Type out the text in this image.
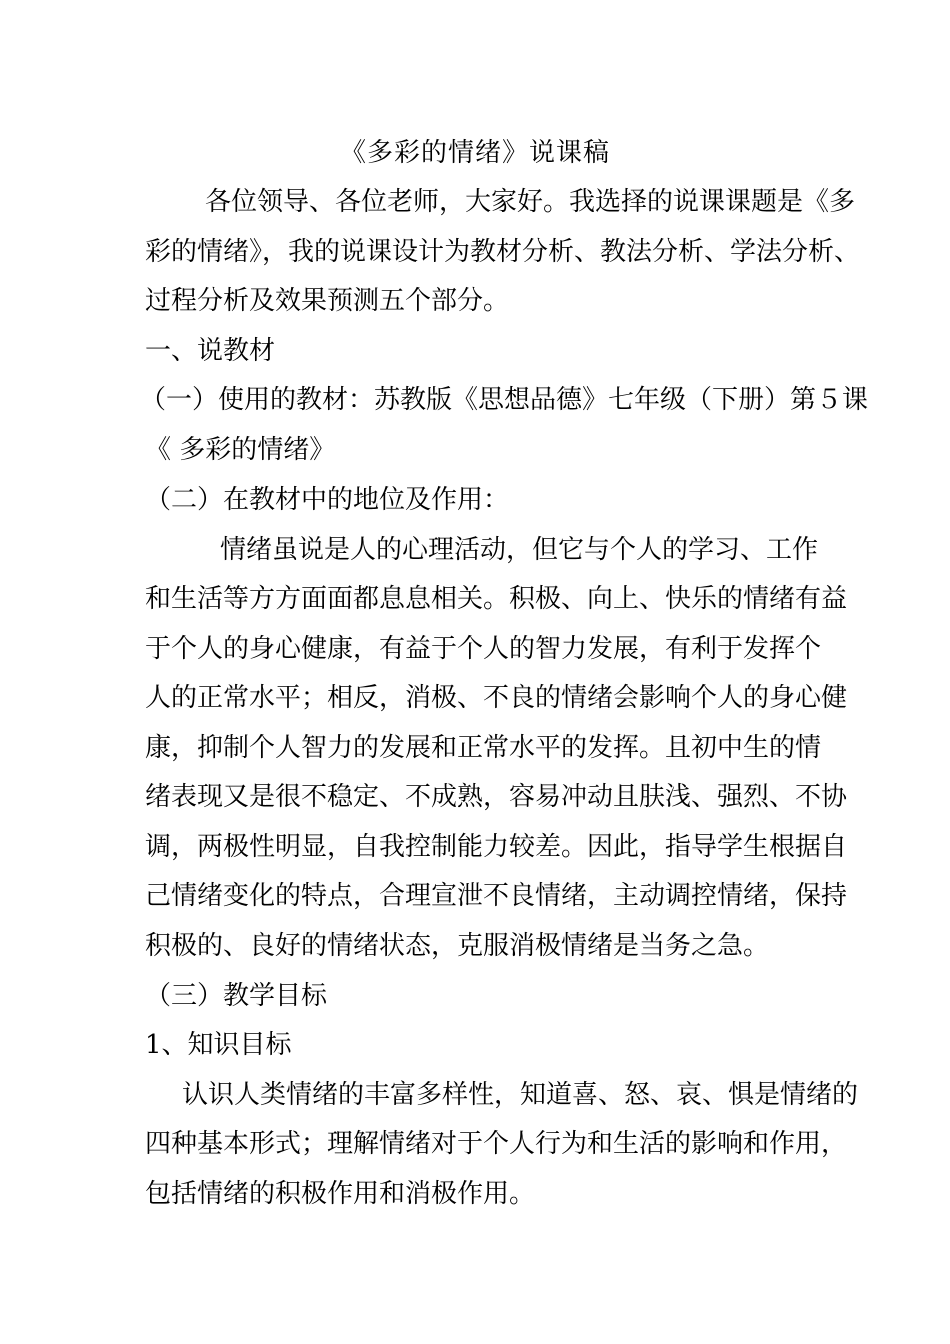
《多彩的情绪》说课稿

各位领导、各位老师，大家好。我选择的说课课题是《多

彩的情绪》，我的说课设计为教材分析、教法分析、学法分析、

过程分析及效果预测五个部分。

一、说教材

（一）使用的教材：苏教版《思想品德》七年级（下册）第５课

《 多彩的情绪》

（二）在教材中的地位及作用：

情绪虽说是人的心理活动，但它与个人的学习、工作

和生活等方方面面都息息相关。积极、向上、快乐的情绪有益

于个人的身心健康，有益于个人的智力发展，有利于发挥个

人的正常水平；相反，消极、不良的情绪会影响个人的身心健

康，抑制个人智力的发展和正常水平的发挥。且初中生的情

绪表现又是很不稳定、不成熟，容易冲动且肤浅、强烈、不协

调，两极性明显，自我控制能力较差。因此，指导学生根据自

己情绪变化的特点，合理宣泄不良情绪，主动调控情绪，保持

积极的、良好的情绪状态，克服消极情绪是当务之急。

（三）教学目标

1、知识目标

认识人类情绪的丰富多样性，知道喜、怒、哀、惧是情绪的

四种基本形式；理解情绪对于个人行为和生活的影响和作用，

包括情绪的积极作用和消极作用。
